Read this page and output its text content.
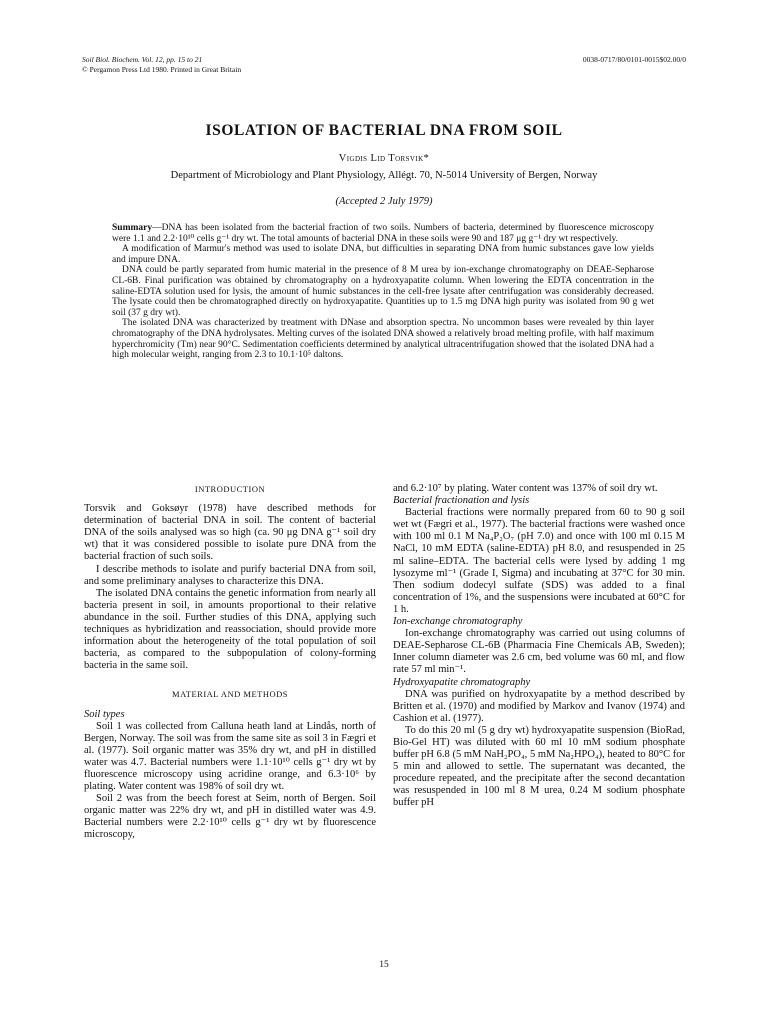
Soil Biol. Biochem. Vol. 12, pp. 15 to 21
© Pergamon Press Ltd 1980. Printed in Great Britain
0038-0717/80/0101-0015$02.00/0
ISOLATION OF BACTERIAL DNA FROM SOIL
Vigdis Lid Torsvik*
Department of Microbiology and Plant Physiology, Allégt. 70, N-5014 University of Bergen, Norway
(Accepted 2 July 1979)

Summary—DNA has been isolated from the bacterial fraction of two soils. Numbers of bacteria, determined by fluorescence microscopy were 1.1 and 2.2·10¹⁰ cells g⁻¹ dry wt. The total amounts of bacterial DNA in these soils were 90 and 187 μg g⁻¹ dry wt respectively.

A modification of Marmur's method was used to isolate DNA, but difficulties in separating DNA from humic substances gave low yields and impure DNA.

DNA could be partly separated from humic material in the presence of 8 M urea by ion-exchange chromatography on DEAE-Sepharose CL-6B. Final purification was obtained by chromatography on a hydroxyapatite column. When lowering the EDTA concentration in the saline-EDTA solution used for lysis, the amount of humic substances in the cell-free lysate after centrifugation was considerably decreased. The lysate could then be chromatographed directly on hydroxyapatite. Quantities up to 1.5 mg DNA high purity was isolated from 90 g wet soil (37 g dry wt).

The isolated DNA was characterized by treatment with DNase and absorption spectra. No uncommon bases were revealed by thin layer chromatography of the DNA hydrolysates. Melting curves of the isolated DNA showed a relatively broad melting profile, with half maximum hyperchromicity (Tm) near 90°C. Sedimentation coefficients determined by analytical ultracentrifugation showed that the isolated DNA had a high molecular weight, ranging from 2.3 to 10.1·10⁵ daltons.

INTRODUCTION

Torsvik and Goksøyr (1978) have described methods for determination of bacterial DNA in soil. The content of bacterial DNA of the soils analysed was so high (ca. 90 μg DNA g⁻¹ soil dry wt) that it was considered possible to isolate pure DNA from the bacterial fraction of such soils.

I describe methods to isolate and purify bacterial DNA from soil, and some preliminary analyses to characterize this DNA.

The isolated DNA contains the genetic information from nearly all bacteria present in soil, in amounts proportional to their relative abundance in the soil. Further studies of this DNA, applying such techniques as hybridization and reassociation, should provide more information about the heterogeneity of the total population of soil bacteria, as compared to the subpopulation of colony-forming bacteria in the same soil.

MATERIAL AND METHODS

Soil types

Soil 1 was collected from Calluna heath land at Lindås, north of Bergen, Norway. The soil was from the same site as soil 3 in Fægri et al. (1977). Soil organic matter was 35% dry wt, and pH in distilled water was 4.7. Bacterial numbers were 1.1·10¹⁰ cells g⁻¹ dry wt by fluorescence microscopy using acridine orange, and 6.3·10⁶ by plating. Water content was 198% of soil dry wt.

Soil 2 was from the beech forest at Seim, north of Bergen. Soil organic matter was 22% dry wt, and pH in distilled water was 4.9. Bacterial numbers were 2.2·10¹⁰ cells g⁻¹ dry wt by fluorescence microscopy,

and 6.2·10⁷ by plating. Water content was 137% of soil dry wt.

Bacterial fractionation and lysis

Bacterial fractions were normally prepared from 60 to 90 g soil wet wt (Fægri et al., 1977). The bacterial fractions were washed once with 100 ml 0.1 M Na₄P₂O₇ (pH 7.0) and once with 100 ml 0.15 M NaCl, 10 mM EDTA (saline-EDTA) pH 8.0, and resuspended in 25 ml saline–EDTA. The bacterial cells were lysed by adding 1 mg lysozyme ml⁻¹ (Grade I, Sigma) and incubating at 37°C for 30 min. Then sodium dodecyl sulfate (SDS) was added to a final concentration of 1%, and the suspensions were incubated at 60°C for 1 h.

Ion-exchange chromatography

Ion-exchange chromatography was carried out using columns of DEAE-Sepharose CL-6B (Pharmacia Fine Chemicals AB, Sweden); Inner column diameter was 2.6 cm, bed volume was 60 ml, and flow rate 57 ml min⁻¹.

Hydroxyapatite chromatography

DNA was purified on hydroxyapatite by a method described by Britten et al. (1970) and modified by Markov and Ivanov (1974) and Cashion et al. (1977).

To do this 20 ml (5 g dry wt) hydroxyapatite suspension (BioRad, Bio-Gel HT) was diluted with 60 ml 10 mM sodium phosphate buffer pH 6.8 (5 mM NaH₂PO₄, 5 mM Na₂HPO₄), heated to 80°C for 5 min and allowed to settle. The supernatant was decanted, the procedure repeated, and the precipitate after the second decantation was resuspended in 100 ml 8 M urea, 0.24 M sodium phosphate buffer pH

15
